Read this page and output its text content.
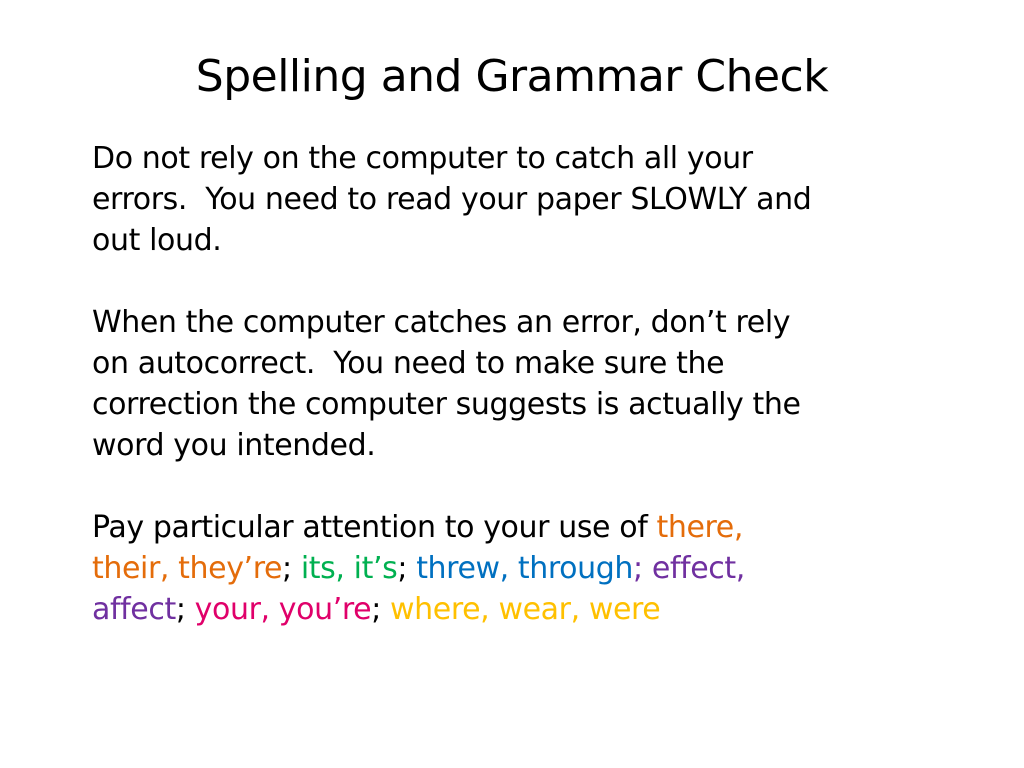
Spelling and Grammar Check
Do not rely on the computer to catch all your
errors.  You need to read your paper SLOWLY and
out loud.
When the computer catches an error, don’t rely
on autocorrect.  You need to make sure the
correction the computer suggests is actually the
word you intended.
Pay particular attention to your use of there,
their, they’re; its, it’s; threw, through; effect,
affect; your, you’re; where, wear, were
